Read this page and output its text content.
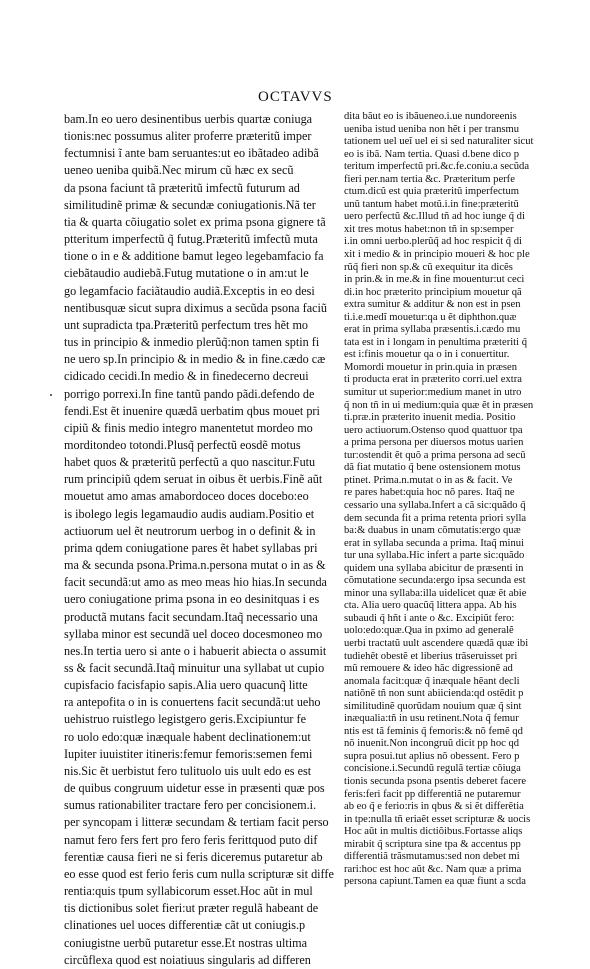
OCTAVVS
bam.In eo uero desinentibus uerbis quartæ coniuga
tionis:nec possumus aliter proferre præteritũ imper
fectumnisi ĩ ante bam seruantes:ut eo ibãtadeo adibã
ueneo ueniba quibã.Nec mirum cũ hæc ex secũ
da psona faciunt tã præteritũ imfectũ futurum ad
similitudinẽ primæ & secundæ coniugationis.Nã ter
tia & quarta cõiugatio solet ex prima psona gignere tã
ptteritum imperfectũ q̃ futug.Præteritũ imfectũ muta
tione o in e & additione bamut legeo legebamfacio fa
ciebãtaudio audiebã.Futug mutatione o in am:ut le
go legamfacio faciãtaudio audiã.Exceptis in eo desi
nentibusquæ sicut supra diximus a secũda psona faciũ
unt supradicta tpa.Præteritũ perfectum tres hẽt mo
tus in principio & inmedio plerũq̃:non tamen sptin fi
ne uero sp.In principio & in medio & in fine.cædo cæ
cidicado cecidi.In medio & in finedecerno decreui
porrigo porrexi.In fine tantũ pando pãdi.defendo de
fendi.Est ẽt inuenire quædã uerbatim qbus mouet pri
cipiũ & finis medio integro manentetut mordeo mo
morditondeo totondi.Plusq̃ perfectũ eosdẽ motus
habet quos & præteritũ perfectũ a quo nascitur.Futu
rum principiũ qdem seruat in oibus ẽt uerbis.Finẽ aũt
mouetut amo amas amabordoceo doces docebo:eo
is ibolego legis legamaudio audis audiam.Positio et
actiuorum uel ẽt neutrorum uerbog in o definit & in
prima qdem coniugatione pares ẽt habet syllabas pri
ma & secunda psona.Prima.n.persona mutat o in as &
facit secundã:ut amo as meo meas hio hias.In secunda
uero coniugatione prima psona in eo desinitquas i es
productã mutans facit secundam.Itaq̃ necessario una
syllaba minor est secundã uel doceo docesmoneo mo
nes.In tertia uero si ante o i habuerit abiecta o assumit
ss & facit secundã.Itaq̃ minuitur una syllabat ut cupio
cupisfacio facisfapio sapis.Alia uero quacunq̃ litte
ra antepofita o in is conuertens facit secundã:ut ueho
uehistruo ruistlego legistgero geris.Excipiuntur fe
ro uolo edo:quæ inæquale habent declinationem:ut
Iupiter iuuistiter itineris:femur femoris:semen femi
nis.Sic ẽt uerbistut fero tulituolo uis uult edo es est
de quibus congruum uidetur esse in præsenti quæ pos
sumus rationabiliter tractare fero per concisionem.i.
per syncopam i litteræ secundam & tertiam facit perso
namut fero fers fert pro fero feris ferittquod puto dif
ferentiæ causa fieri ne si feris diceremus putaretur ab
eo esse quod est ferio feris cum nulla scripturæ sit diffe
rentia:quis tpum syllabicorum esset.Hoc aũt in mul
tis dictionibus solet fieri:ut præter regulã habeant de
clinationes uel uoces differentiæ cãt ut coniugis.p
coniugistne uerbũ putaretur esse.Et nostras ultima
circũflexa quod est noiatiuus singularis ad differen
dita bãut eo is ibãueneo.i.ue nundoreenis
ueniba istud ueniba non hẽt i per transmu
tationem uel ueĩ uel ei si sed naturaliter sicut
eo is ibã. Nam tertia. Quasi d.bene dico p
teritum imperfectũ pri.&c.fe.coniu.a secũda
fieri per.nam tertia &c. Præteritum perfe
ctum.dicũ est quia præteritũ imperfectum
unũ tantum habet motũ.i.in fine:præteritũ
uero perfectũ &c.Illud tñ ad hoc iunge q̃ di
xit tres motus habet:non tñ in sp:semper
i.in omni uerbo.plerũq̃ ad hoc respicit q̃ di
xit i medio & in principio moueri & hoc ple
rũq̃ fieri non sp.& cũ exequitur ita dicẽs
in prin.& in me.& in fine mouentur:ut ceci
di.in hoc præterito principium mouetur qã
extra sumitur & additur & non est in psen
ti.i.e.medĩ mouetur:qa u ẽt diphthon.quæ
erat in prima syllaba præsentis.i.cædo mu
tata est in i longam in penultima præteriti q̃
est i:finis mouetur qa o in i conuertitur.
Momordi mouetur in prin.quia in præsen
ti producta erat in præterito corri.uel extra
sumitur ut superior:medium manet in utro
q̃ non tñ in ui medium:quia quæ ẽt in præsen
ti.præ.in præterito inuenit media. Positio
uero actiuorum.Ostenso quod quattuor tpa
a prima persona per diuersos motus uarien
tur:ostendit ẽt quõ a prima persona ad secũ
dã fiat mutatio q̃ bene ostensionem motus
ptinet. Prima.n.mutat o in as & facit. Ve
re pares habet:quia hoc nõ pares. Itaq̃ ne
cessario una syllaba.Infert a cã sic:quãdo q̃
dem secunda fit a prima retenta priori sylla
ba:& duabus in unam cõmutatis:ergo quæ
erat in syllaba secunda a prima. Itaq̃ minui
tur una syllaba.Hic infert a parte sic:quãdo
quidem una syllaba abicitur de præsenti in
cõmutatione secunda:ergo ipsa secunda est
minor una syllaba:illa uidelicet quæ ẽt abie
cta. Alia uero quacũq̃ littera appa. Ab his
subaudi q̃ hñt i ante o &c. Excipiũt fero:
uolo:edo:quæ.Qua in pximo ad generalẽ
uerbi tractatũ uult ascendere quædã quæ ibi
tudiehẽt obestẽ et liberius trãseruisset pri
mũ remouere & ideo hãc digressionẽ ad
anomala facit:quæ q̃ inæquale hẽant decli
natiõnẽ tñ non sunt abiicienda:qd ostẽdit p
similitudinẽ quorũdam nouium quæ q̃ sint
inæqualia:tñ in usu retinent.Nota q̃ femur
ntis est tã feminis q̃ femoris:& nõ femẽ qd
nõ inuenit.Non incongruũ dicit pp hoc qd
supra posui.tut aplius nõ obessent. Fero p
concisione.i.Secundũ regulã tertiæ cõiuga
tionis secunda psona psentis deberet facere
feris:feri facit pp differentiã ne putaremur
ab eo q̃ e ferio:ris in qbus & si ẽt differẽtia
in tpe:nulla tñ eriaẽt esset scripturæ & uocis
Hoc aũt in multis dictiõibus.Fortasse aliqs
mirabit q̃ scriptura sine tpa & accentus pp
differentiã trãsmutamus:sed non debet mi
rari:hoc est hoc aũt &c. Nam quæ a prima
persona capiunt.Tamen ea quæ fiunt a scda
